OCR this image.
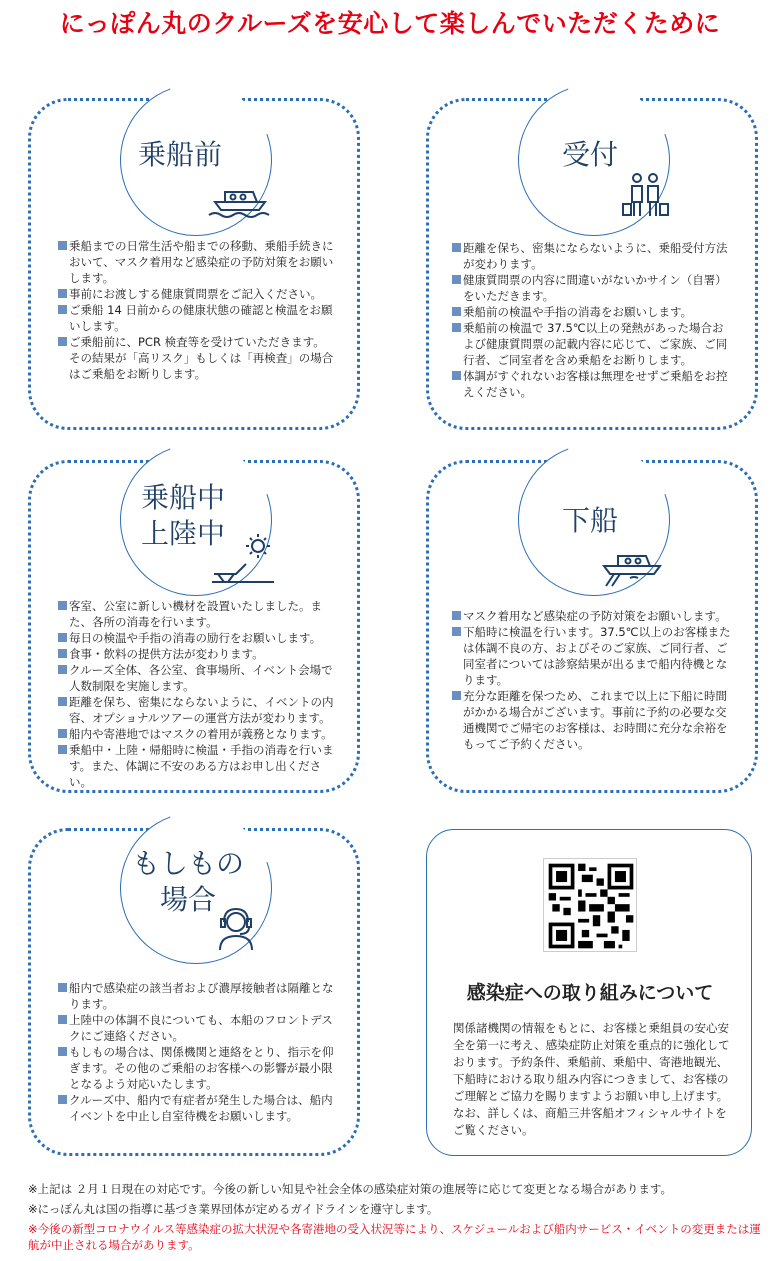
にっぽん丸のクルーズを安心して楽しんでいただくために
乗船前
乗船までの日常生活や船までの移動、乗船手続きにおいて、マスク着用など感染症の予防対策をお願いします。
事前にお渡しする健康質問票をご記入ください。
ご乗船 14 日前からの健康状態の確認と検温をお願いします。
ご乗船前に、PCR 検査等を受けていただきます。その結果が「高リスク」もしくは「再検査」の場合はご乗船をお断りします。
受付
距離を保ち、密集にならないように、乗船受付方法が変わります。
健康質問票の内容に間違いがないかサイン（自署）をいただきます。
乗船前の検温や手指の消毒をお願いします。
乗船前の検温で 37.5℃以上の発熱があった場合および健康質問票の記載内容に応じて、ご家族、ご同行者、ご同室者を含め乗船をお断りします。
体調がすぐれないお客様は無理をせずご乗船をお控えください。
乗船中
上陸中
客室、公室に新しい機材を設置いたしました。また、各所の消毒を行います。
毎日の検温や手指の消毒の励行をお願いします。
食事・飲料の提供方法が変わります。
クルーズ全体、各公室、食事場所、イベント会場で人数制限を実施します。
距離を保ち、密集にならないように、イベントの内容、オプショナルツアーの運営方法が変わります。
船内や寄港地ではマスクの着用が義務となります。
乗船中・上陸・帰船時に検温・手指の消毒を行います。また、体調に不安のある方はお申し出ください。
下船
マスク着用など感染症の予防対策をお願いします。
下船時に検温を行います。37.5℃以上のお客様または体調不良の方、およびそのご家族、ご同行者、ご同室者については診察結果が出るまで船内待機となります。
充分な距離を保つため、これまで以上に下船に時間がかかる場合がございます。事前に予約の必要な交通機関でご帰宅のお客様は、お時間に充分な余裕をもってご予約ください。
もしもの
場合
船内で感染症の該当者および濃厚接触者は隔離となります。
上陸中の体調不良についても、本船のフロントデスクにご連絡ください。
もしもの場合は、関係機関と連絡をとり、指示を仰ぎます。その他のご乗船のお客様への影響が最小限となるよう対応いたします。
クルーズ中、船内で有症者が発生した場合は、船内イベントを中止し自室待機をお願いします。
感染症への取り組みについて
関係諸機関の情報をもとに、お客様と乗組員の安心安全を第一に考え、感染症防止対策を重点的に強化しております。予約条件、乗船前、乗船中、寄港地観光、下船時における取り組み内容につきまして、お客様のご理解とご協力を賜りますようお願い申し上げます。なお、詳しくは、商船三井客船オフィシャルサイトをご覧ください。

※上記は ２月１日現在の対応です。今後の新しい知見や社会全体の感染症対策の進展等に応じて変更となる場合があります。

※にっぽん丸は国の指導に基づき業界団体が定めるガイドラインを遵守します。

※今後の新型コロナウイルス等感染症の拡大状況や各寄港地の受入状況等により、スケジュールおよび船内サービス・イベントの変更または運航が中止される場合があります。
